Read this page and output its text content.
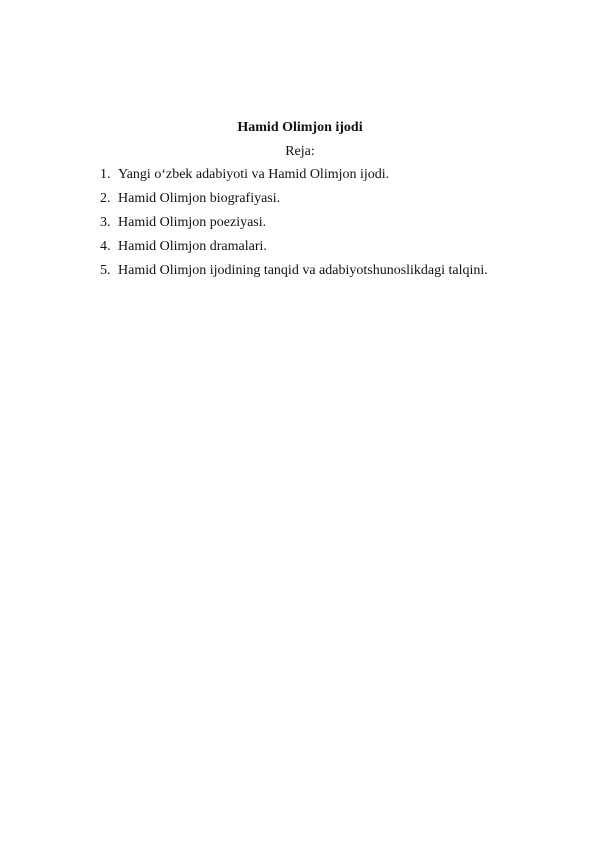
Hamid Olimjon ijodi
Reja:
1. Yangi o‘zbek adabiyoti va Hamid Olimjon ijodi.
2. Hamid Olimjon biografiyasi.
3. Hamid Olimjon poeziyasi.
4. Hamid Olimjon dramalari.
5. Hamid Olimjon ijodining tanqid va adabiyotshunoslikdagi talqini.
